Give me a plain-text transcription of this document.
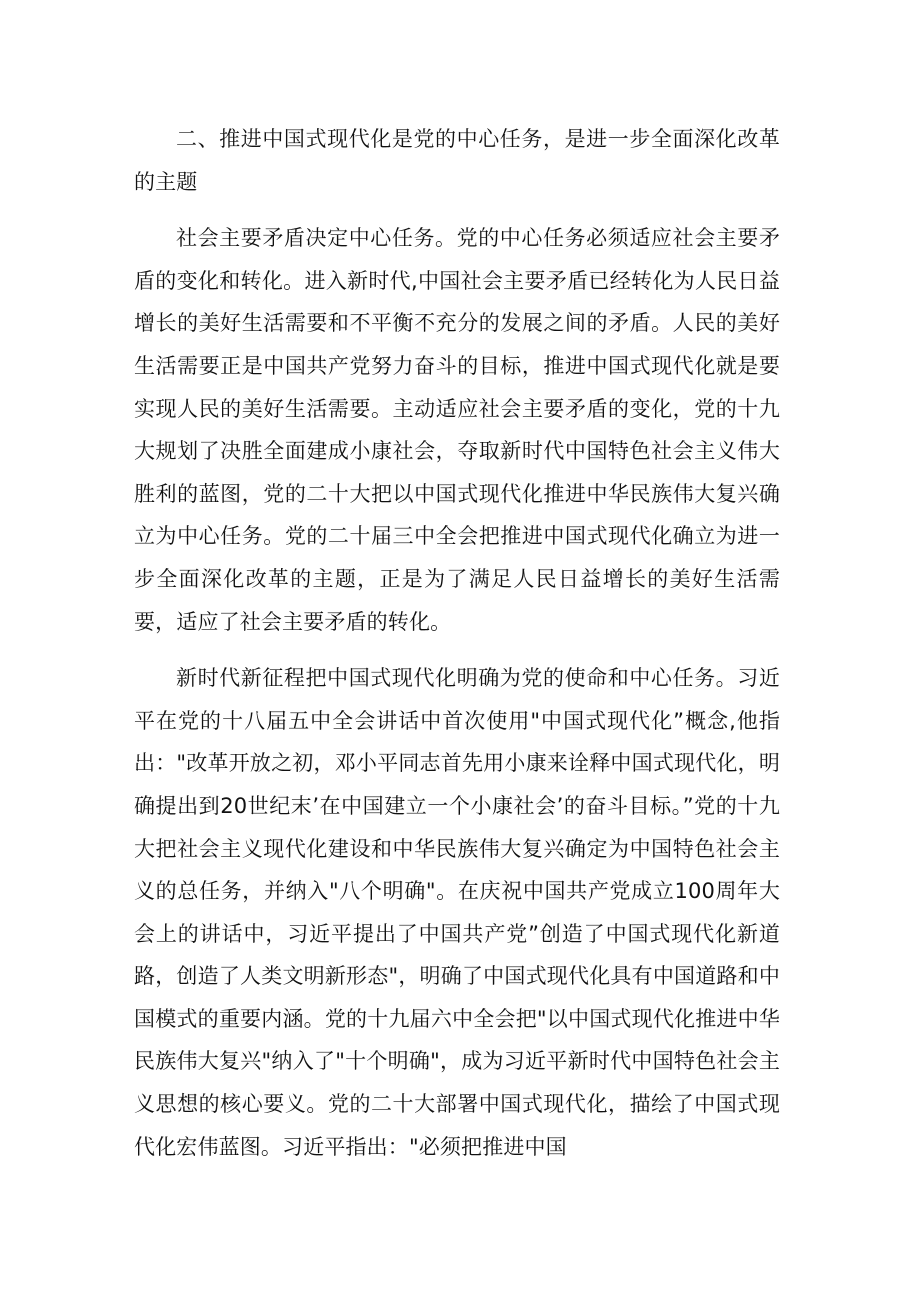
二、推进中国式现代化是党的中心任务，是进一步全面深化改革的主题

社会主要矛盾决定中心任务。党的中心任务必须适应社会主要矛盾的变化和转化。进入新时代,中国社会主要矛盾已经转化为人民日益增长的美好生活需要和不平衡不充分的发展之间的矛盾。人民的美好生活需要正是中国共产党努力奋斗的目标，推进中国式现代化就是要实现人民的美好生活需要。主动适应社会主要矛盾的变化，党的十九大规划了决胜全面建成小康社会，夺取新时代中国特色社会主义伟大胜利的蓝图，党的二十大把以中国式现代化推进中华民族伟大复兴确立为中心任务。党的二十届三中全会把推进中国式现代化确立为进一步全面深化改革的主题，正是为了满足人民日益增长的美好生活需要，适应了社会主要矛盾的转化。

新时代新征程把中国式现代化明确为党的使命和中心任务。习近平在党的十八届五中全会讲话中首次使用"中国式现代化”概念,他指出："改革开放之初，邓小平同志首先用小康来诠释中国式现代化，明确提出到20世纪末’在中国建立一个小康社会’的奋斗目标。”党的十九大把社会主义现代化建设和中华民族伟大复兴确定为中国特色社会主义的总任务，并纳入"八个明确"。在庆祝中国共产党成立100周年大会上的讲话中，习近平提出了中国共产党”创造了中国式现代化新道路，创造了人类文明新形态"，明确了中国式现代化具有中国道路和中国模式的重要内涵。党的十九届六中全会把"以中国式现代化推进中华民族伟大复兴"纳入了"十个明确"，成为习近平新时代中国特色社会主义思想的核心要义。党的二十大部署中国式现代化，描绘了中国式现代化宏伟蓝图。习近平指出："必须把推进中国
